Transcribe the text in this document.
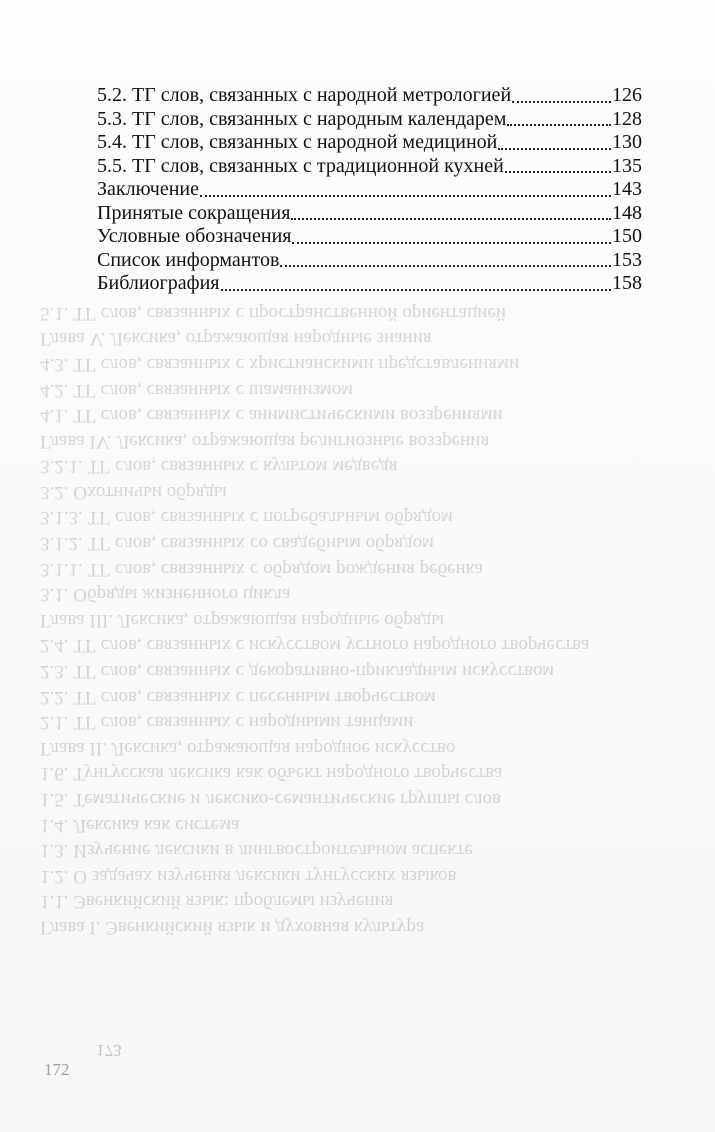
Глава I. Эвенкийский язык и духовная культура
1.1. Эвенкийский язык: проблемы изучения
1.2. О задачах изучения лексики тунгусских языков
1.3. Изучение лексики в лингвостроительном аспекте
1.4. Лексика как система
1.5. Тематические и лексико-семантические группы слов
1.6. Тунгусская лексика как объект народного творчества
Глава II. Лексика, отражающая народное искусство
2.1. ТГ слов, связанных с народными танцами
2.2. ТГ слов, связанных с песенным творчеством
2.3. ТГ слов, связанных с декоративно-прикладным искусством
2.4. ТГ слов, связанных с искусством устного народного творчества
Глава III. Лексика, отражающая народные обряды
3.1. Обряды жизненного цикла
3.1.1. ТГ слов, связанных с обрядом рождения ребенка
3.1.2. ТГ слов, связанных со свадебным обрядом
3.1.3. ТГ слов, связанных с погребальным обрядом
3.2. Охотничьи обряды
3.2.1. ТГ слов, связанных с культом медведя
Глава IV. Лексика, отражающая религиозные воззрения
4.1. ТГ слов, связанных с анимистическими воззрениями
4.2. ТГ слов, связанных с шаманизмом
4.3. ТГ слов, связанных с христианскими представлениями
Глава V. Лексика, отражающая народные знания
5.1. ТГ слов, связанных с пространственной ориентацией
5.2. ТГ слов, связанных с народной метрологией	126
5.3. ТГ слов, связанных с народным календарем	128
5.4. ТГ слов, связанных с народной медициной	130
5.5. ТГ слов, связанных с традиционной кухней	135
Заключение	143
Принятые сокращения	148
Условные обозначения	150
Список информантов	153
Библиография	158
173
172
